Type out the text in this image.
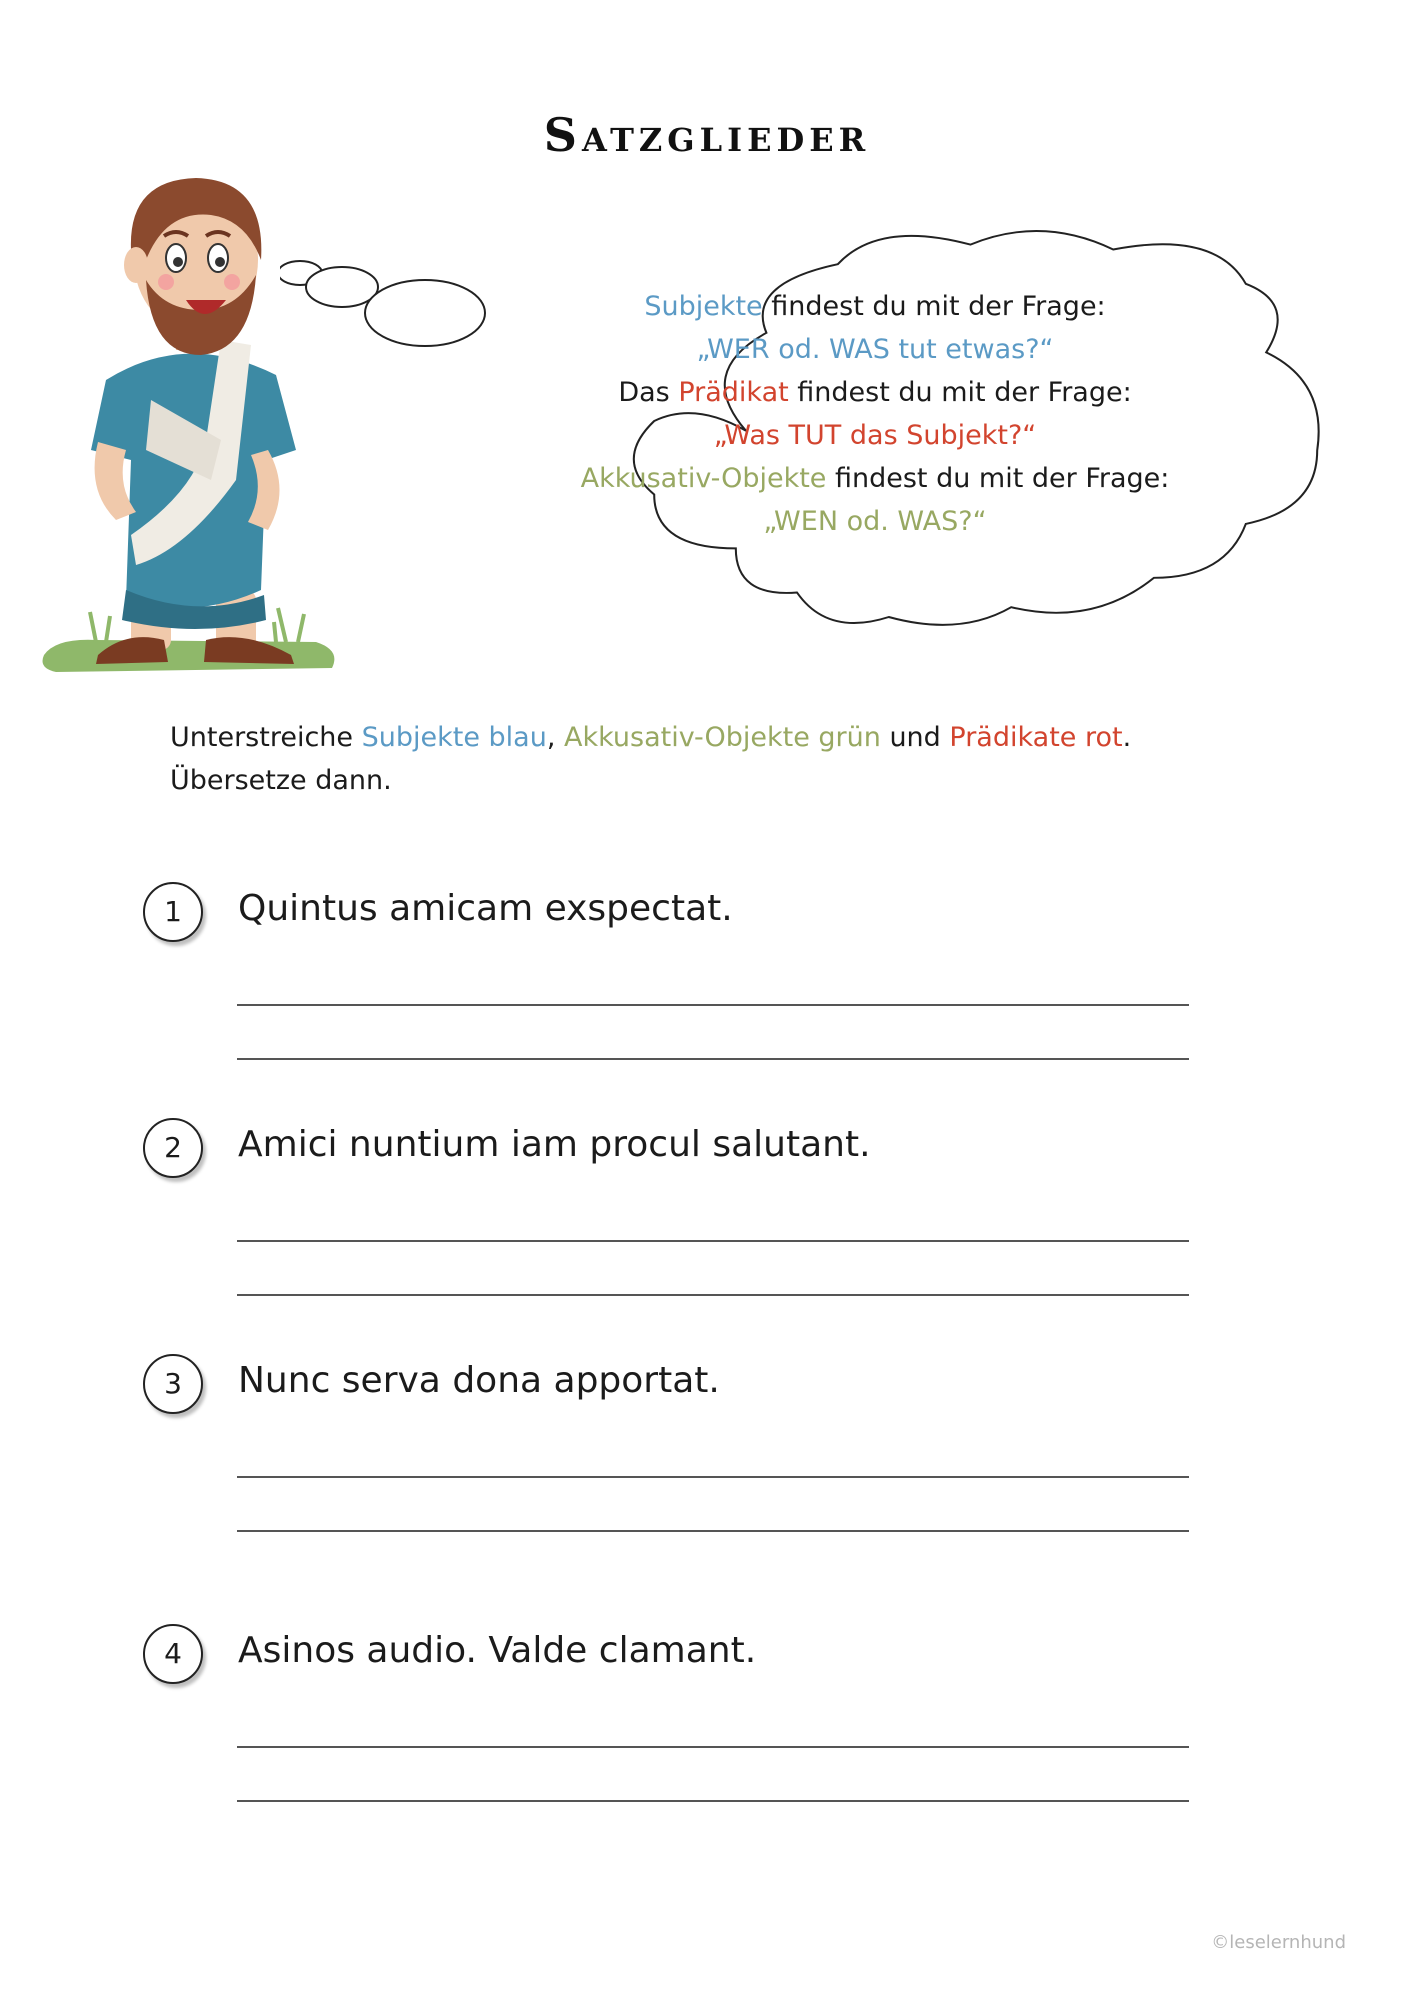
Satzglieder
Subjekte findest du mit der Frage:
„WER od. WAS tut etwas?“
Das Prädikat findest du mit der Frage:
„Was TUT das Subjekt?“
Akkusativ-Objekte findest du mit der Frage:
„WEN od. WAS?“
Unterstreiche Subjekte blau, Akkusativ-Objekte grün und Prädikate rot.
Übersetze dann.
1	Quintus amicam exspectat.
2	Amici nuntium iam procul salutant.
3	Nunc serva dona apportat.
4	Asinos audio. Valde clamant.
©leselernhund
